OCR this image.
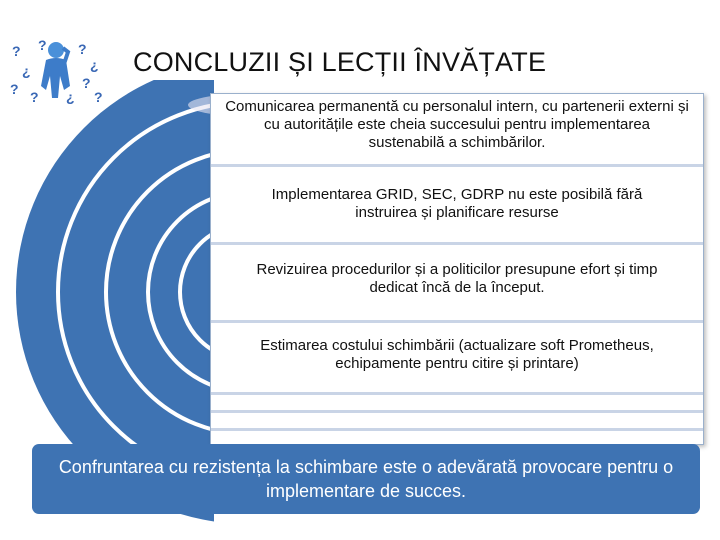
?
¿
? ?
?
¿
?
?
¿
?
CONCLUZII ȘI LECȚII ÎNVĂȚATE
Comunicarea permanentă cu personalul intern, cu partenerii externi și cu autoritățile este cheia succesului pentru implementarea sustenabilă a schimbărilor.
Implementarea GRID, SEC, GDRP nu este posibilă fără instruirea și planificare resurse
Revizuirea procedurilor și a politicilor presupune efort și timp dedicat încă de la început.
Estimarea costului schimbării (actualizare soft Prometheus, echipamente pentru citire și printare)
Confruntarea cu rezistența la schimbare este o adevărată provocare pentru o implementare de succes.
